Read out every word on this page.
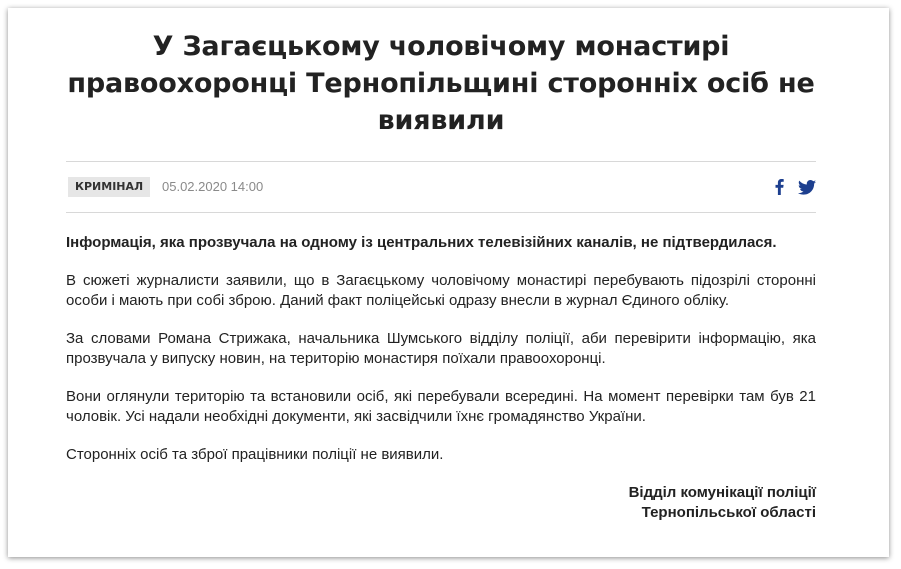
У Загаєцькому чоловічому монастирі правоохоронці Тернопільщині сторонніх осіб не виявили
КРИМІНАЛ	05.02.2020 14:00

Інформація, яка прозвучала на одному із центральних телевізійних каналів, не підтвердилася.

В сюжеті журналисти заявили, що в Загаєцькому чоловічому монастирі перебувають підозрілі сторонні особи і мають при собі зброю. Даний факт поліцейські одразу внесли в журнал Єдиного обліку.

За словами Романа Стрижака, начальника Шумського відділу поліції, аби перевірити інформацію, яка прозвучала у випуску новин, на територію монастиря поїхали правоохоронці.

Вони оглянули територію та встановили осіб, які перебували всередині. На момент перевірки там був 21 чоловік. Усі надали необхідні документи, які засвідчили їхнє громадянство України.

Сторонніх осіб та зброї працівники поліції не виявили.

Відділ комунікації поліції
Тернопільської області
